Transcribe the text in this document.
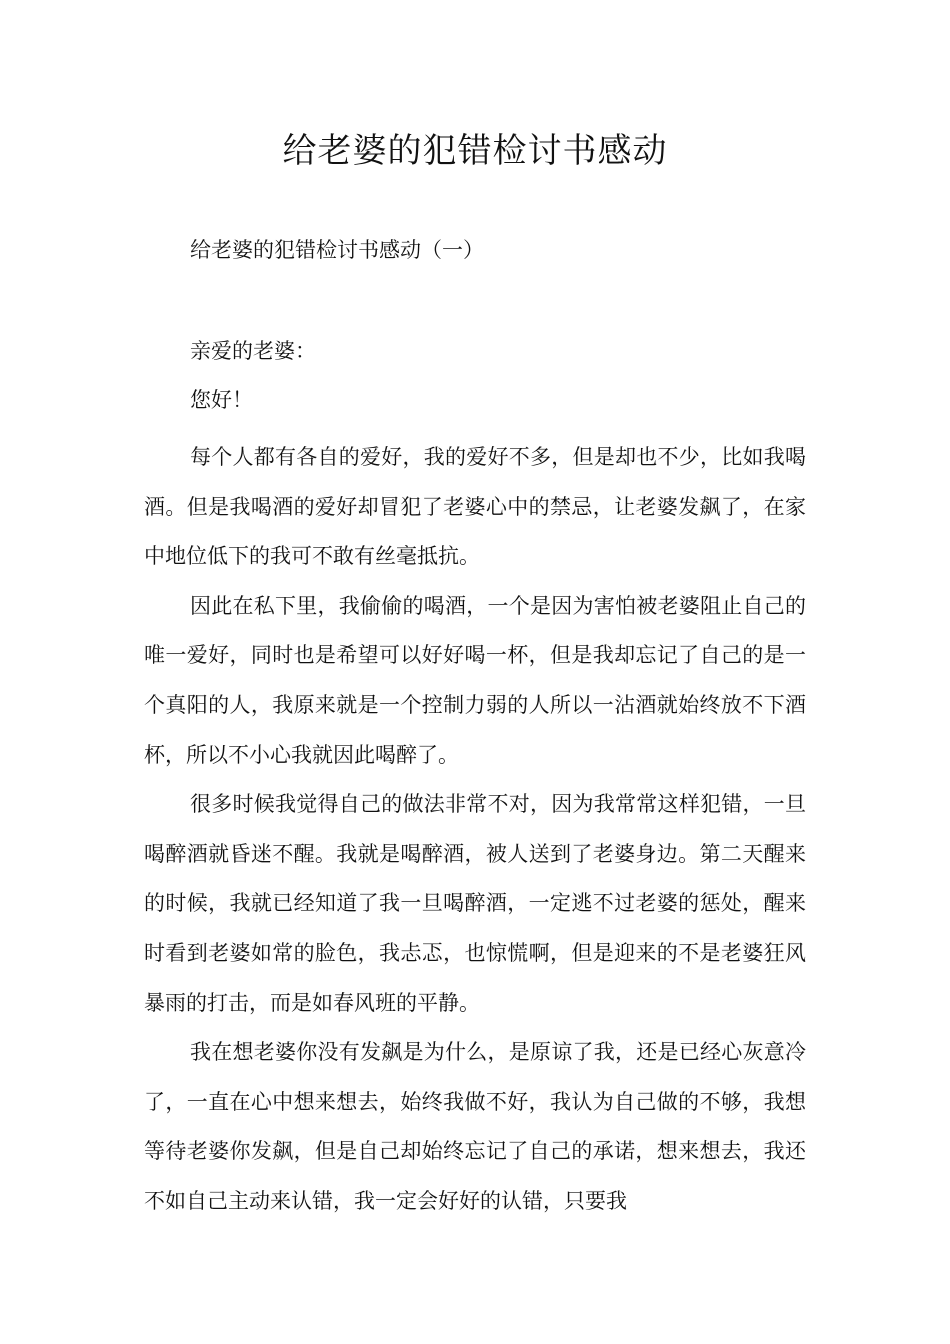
给老婆的犯错检讨书感动

给老婆的犯错检讨书感动（一）

亲爱的老婆：

您好！

每个人都有各自的爱好，我的爱好不多，但是却也不少，比如我喝酒。但是我喝酒的爱好却冒犯了老婆心中的禁忌，让老婆发飙了，在家中地位低下的我可不敢有丝毫抵抗。

因此在私下里，我偷偷的喝酒，一个是因为害怕被老婆阻止自己的唯一爱好，同时也是希望可以好好喝一杯，但是我却忘记了自己的是一个真阳的人，我原来就是一个控制力弱的人所以一沾酒就始终放不下酒杯，所以不小心我就因此喝醉了。

很多时候我觉得自己的做法非常不对，因为我常常这样犯错，一旦喝醉酒就昏迷不醒。我就是喝醉酒，被人送到了老婆身边。第二天醒来的时候，我就已经知道了我一旦喝醉酒，一定逃不过老婆的惩处，醒来时看到老婆如常的脸色，我忐忑，也惊慌啊，但是迎来的不是老婆狂风暴雨的打击，而是如春风班的平静。

我在想老婆你没有发飙是为什么，是原谅了我，还是已经心灰意冷了，一直在心中想来想去，始终我做不好，我认为自己做的不够，我想等待老婆你发飙，但是自己却始终忘记了自己的承诺，想来想去，我还不如自己主动来认错，我一定会好好的认错，只要我
